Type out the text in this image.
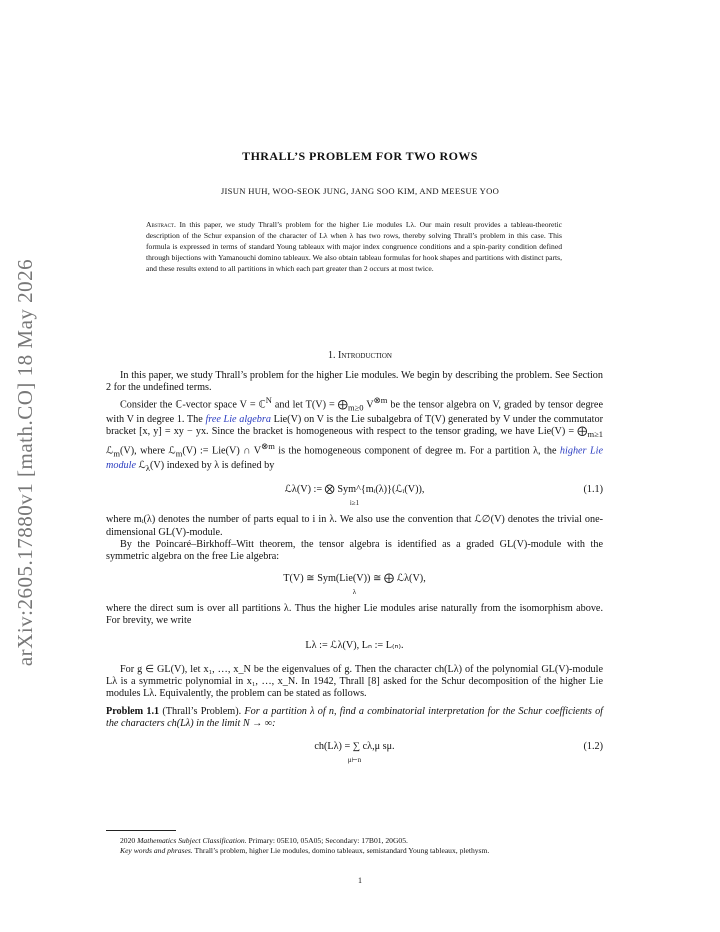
arXiv:2605.17880v1 [math.CO] 18 May 2026
THRALL’S PROBLEM FOR TWO ROWS
JISUN HUH, WOO-SEOK JUNG, JANG SOO KIM, AND MEESUE YOO
Abstract. In this paper, we study Thrall’s problem for the higher Lie modules Lλ. Our main result provides a tableau-theoretic description of the Schur expansion of the character of Lλ when λ has two rows, thereby solving Thrall’s problem in this case. This formula is expressed in terms of standard Young tableaux with major index congruence conditions and a spin-parity condition defined through bijections with Yamanouchi domino tableaux. We also obtain tableau formulas for hook shapes and partitions with distinct parts, and these results extend to all partitions in which each part greater than 2 occurs at most twice.
1. Introduction

In this paper, we study Thrall’s problem for the higher Lie modules. We begin by describing the problem. See Section 2 for the undefined terms.

Consider the ℂ-vector space V = ℂ$^N$ and let $T(V) = ⨁_{m\ge 0}$ $V^{\otimes m}$ be the tensor algebra on V, graded by tensor degree with V in degree 1. The free Lie algebra Lie(V) on V is the Lie subalgebra of T(V) generated by V under the commutator bracket [x, y] = xy − yx. Since the bracket is homogeneous with respect to the tensor grading, we have $Lie(V) = ⨁_{m\ge 1}$ ℒ$_m$(V), where ℒ$_m$(V) := Lie(V) ∩ $V^{\otimes m}$ is the homogeneous component of degree m. For a partition λ, the higher Lie module ℒ$_\lambda$(V) indexed by λ is defined by

ℒλ(V) := ⨂ Sym^{mᵢ(λ)}(ℒᵢ(V)),
i≥1
(1.1)

where mᵢ(λ) denotes the number of parts equal to i in λ. We also use the convention that ℒ∅(V) denotes the trivial one-dimensional GL(V)-module.

By the Poincaré–Birkhoff–Witt theorem, the tensor algebra is identified as a graded GL(V)-module with the symmetric algebra on the free Lie algebra:

T(V) ≅ Sym(Lie(V)) ≅ ⨁ ℒλ(V),
λ

where the direct sum is over all partitions λ. Thus the higher Lie modules arise naturally from the isomorphism above. For brevity, we write

Lλ := ℒλ(V), Lₙ := L₍ₙ₎.

For g ∈ GL(V), let x₁, …, x_N be the eigenvalues of g. Then the character ch(Lλ) of the polynomial GL(V)-module Lλ is a symmetric polynomial in x₁, …, x_N. In 1942, Thrall [8] asked for the Schur decomposition of the higher Lie modules Lλ. Equivalently, the problem can be stated as follows.

Problem 1.1 (Thrall’s Problem). For a partition λ of n, find a combinatorial interpretation for the Schur coefficients of the characters ch(Lλ) in the limit N → ∞:

ch(Lλ) = ∑ cλ,μ sμ.
μ⊢n
(1.2)

2020 Mathematics Subject Classification. Primary: 05E10, 05A05; Secondary: 17B01, 20G05.

Key words and phrases. Thrall’s problem, higher Lie modules, domino tableaux, semistandard Young tableaux, plethysm.

1
